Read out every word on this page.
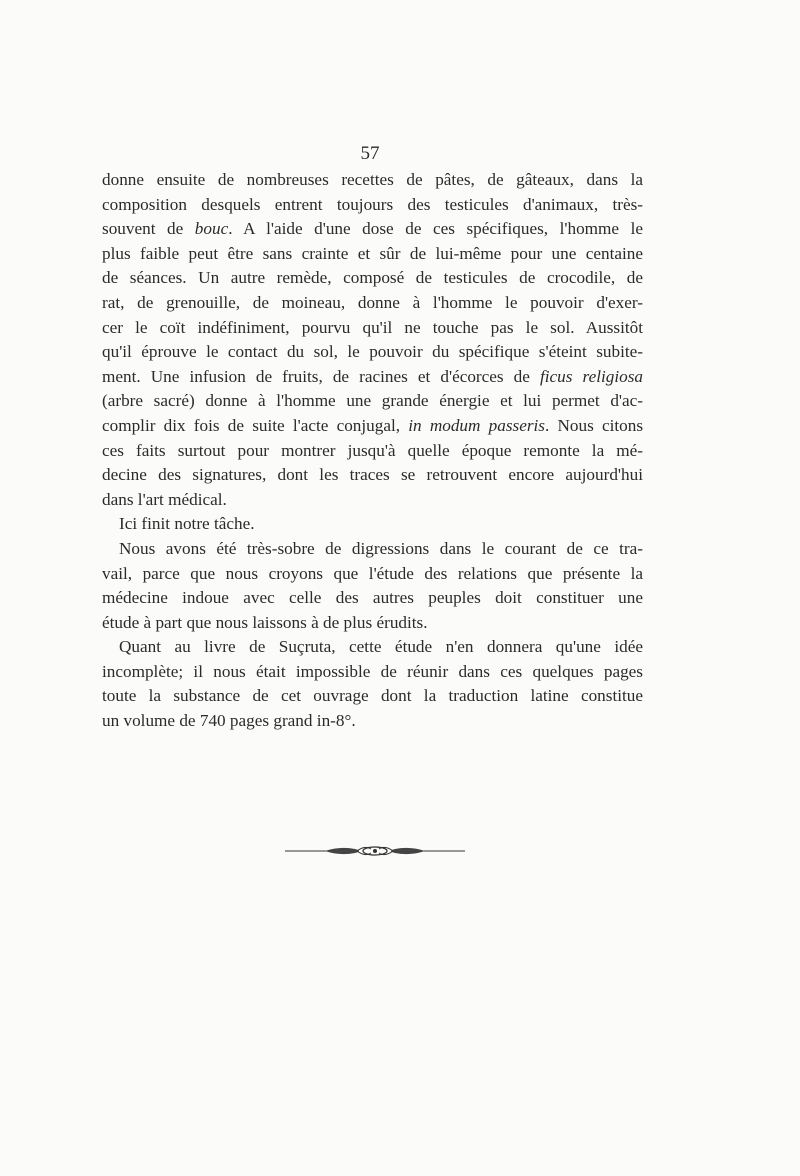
57
donne ensuite de nombreuses recettes de pâtes, de gâteaux, dans la
composition desquels entrent toujours des testicules d'animaux, très-
souvent de bouc. A l'aide d'une dose de ces spécifiques, l'homme le
plus faible peut être sans crainte et sûr de lui-même pour une centaine
de séances. Un autre remède, composé de testicules de crocodile, de
rat, de grenouille, de moineau, donne à l'homme le pouvoir d'exer-
cer le coït indéfiniment, pourvu qu'il ne touche pas le sol. Aussitôt
qu'il éprouve le contact du sol, le pouvoir du spécifique s'éteint subite-
ment. Une infusion de fruits, de racines et d'écorces de ficus religiosa
(arbre sacré) donne à l'homme une grande énergie et lui permet d'ac-
complir dix fois de suite l'acte conjugal, in modum passeris. Nous citons
ces faits surtout pour montrer jusqu'à quelle époque remonte la mé-
decine des signatures, dont les traces se retrouvent encore aujourd'hui
dans l'art médical.
Ici finit notre tâche.
Nous avons été très-sobre de digressions dans le courant de ce tra-
vail, parce que nous croyons que l'étude des relations que présente la
médecine indoue avec celle des autres peuples doit constituer une
étude à part que nous laissons à de plus érudits.
Quant au livre de Suçruta, cette étude n'en donnera qu'une idée
incomplète; il nous était impossible de réunir dans ces quelques pages
toute la substance de cet ouvrage dont la traduction latine constitue
un volume de 740 pages grand in-8°.
